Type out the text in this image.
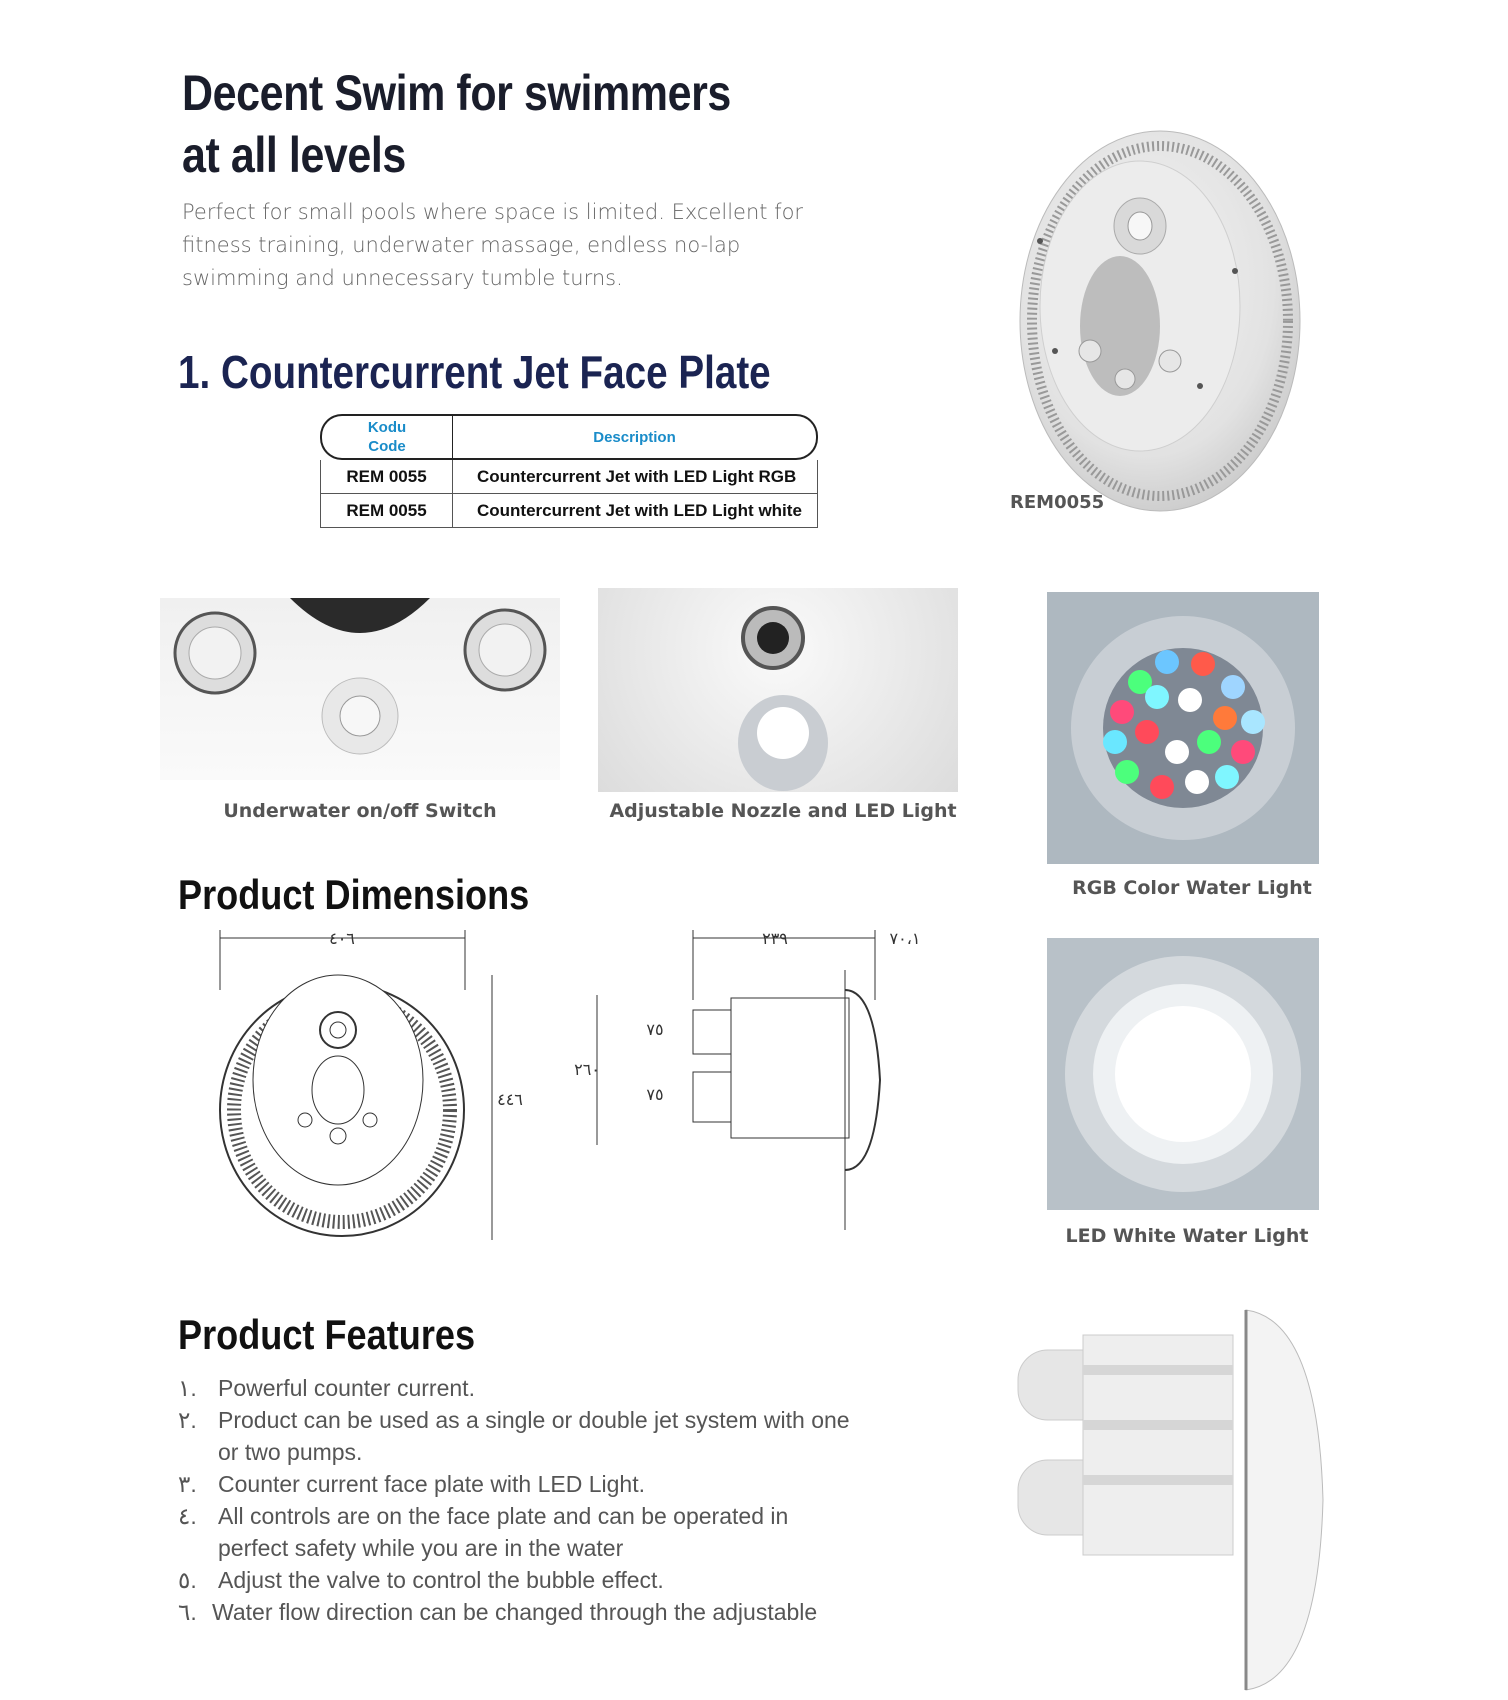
Decent Swim for swimmers
at all levels
Perfect for small pools where space is limited. Excellent for fitness training, underwater massage, endless no-lap swimming and unnecessary tumble turns.
1. Countercurrent Jet Face Plate
Kodu Code	Description
REM 0055	Countercurrent Jet with LED Light RGB
REM 0055	Countercurrent Jet with LED Light white	REM0055
Underwater on/off Switch	Adjustable Nozzle and LED Light
RGB Color Water Light
Product Dimensions
٤٠٦
٤٤٦
٢٣٩	٧٠،١
٢٦٠
٧٥
٧٥
LED White Water Light
Product Features
١. Powerful counter current.
٢. Product can be used as a single or double jet system with one or two pumps.
٣. Counter current face plate with LED Light.
٤. All controls are on the face plate and can be operated in perfect safety while you are in the water
٥. Adjust the valve to control the bubble effect.
٦. Water flow direction can be changed through the adjustable
